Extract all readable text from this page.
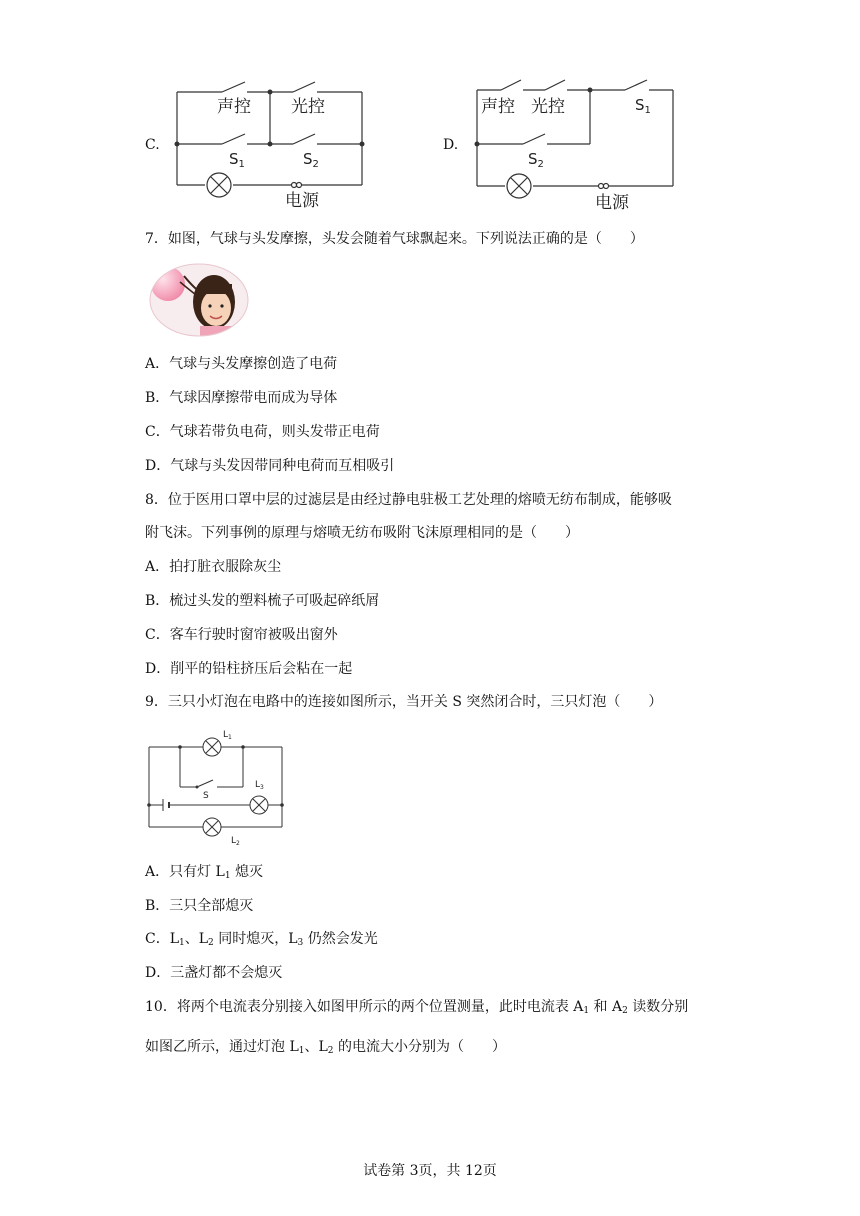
C.
声控 光控
$S_1$	$S_2$
电源
D.
声控 光控	$S_1$
$S_2$
电源
7．如图，气球与头发摩擦，头发会随着气球飘起来。下列说法正确的是（　　）
A．气球与头发摩擦创造了电荷
B．气球因摩擦带电而成为导体
C．气球若带负电荷，则头发带正电荷
D．气球与头发因带同种电荷而互相吸引
8．位于医用口罩中层的过滤层是由经过静电驻极工艺处理的熔喷无纺布制成，能够吸
附飞沫。下列事例的原理与熔喷无纺布吸附飞沫原理相同的是（　　）
A．拍打脏衣服除灰尘
B．梳过头发的塑料梳子可吸起碎纸屑
C．客车行驶时窗帘被吸出窗外
D．削平的铅柱挤压后会粘在一起
9．三只小灯泡在电路中的连接如图所示，当开关 S 突然闭合时，三只灯泡（　　）
$L_1$
S
$L_3$
$L_2$
A．只有灯 $L_1$ 熄灭
B．三只全部熄灭
C．$L_1$、$L_2$ 同时熄灭，$L_3$ 仍然会发光
D．三盏灯都不会熄灭
10．将两个电流表分别接入如图甲所示的两个位置测量，此时电流表 $A_1$ 和 $A_2$ 读数分别
如图乙所示，通过灯泡 $L_1$、$L_2$ 的电流大小分别为（　　）
试卷第 3页，共 12页
